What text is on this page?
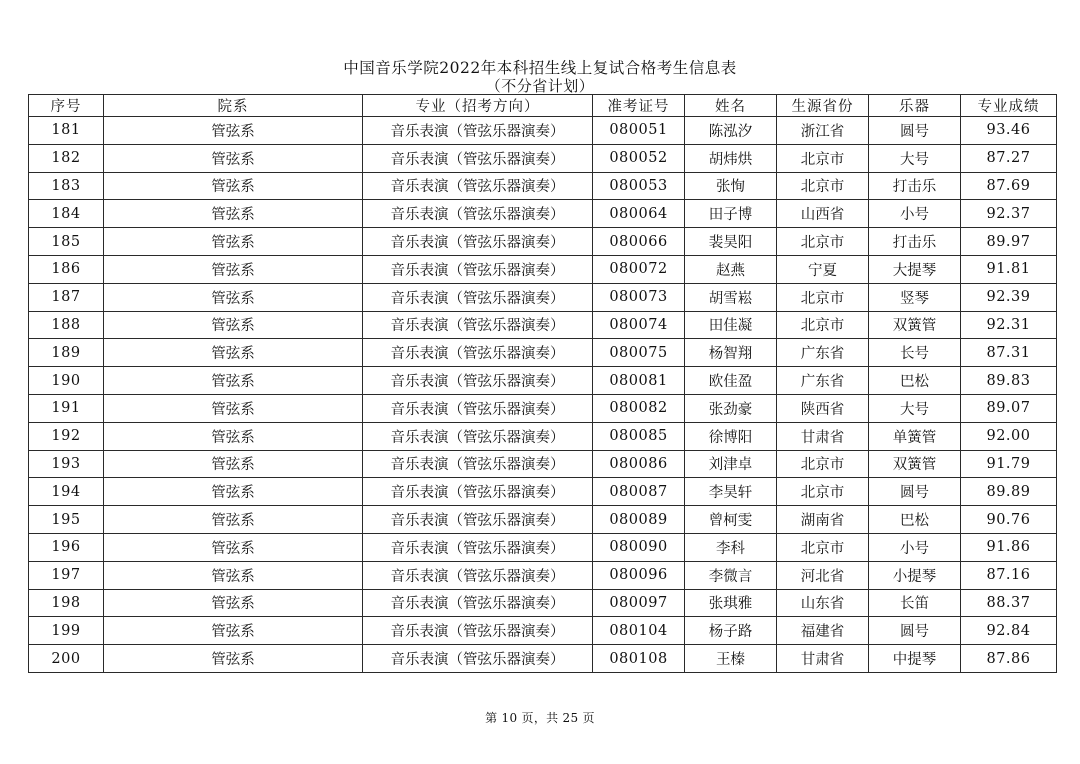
中国音乐学院2022年本科招生线上复试合格考生信息表
（不分省计划）
序号	院系	专业（招考方向）	准考证号	姓名	生源省份	乐器	专业成绩
181	管弦系	音乐表演（管弦乐器演奏）	080051	陈泓汐	浙江省	圆号	93.46
182	管弦系	音乐表演（管弦乐器演奏）	080052	胡炜烘	北京市	大号	87.27
183	管弦系	音乐表演（管弦乐器演奏）	080053	张恂	北京市	打击乐	87.69
184	管弦系	音乐表演（管弦乐器演奏）	080064	田子博	山西省	小号	92.37
185	管弦系	音乐表演（管弦乐器演奏）	080066	裴昊阳	北京市	打击乐	89.97
186	管弦系	音乐表演（管弦乐器演奏）	080072	赵燕	宁夏	大提琴	91.81
187	管弦系	音乐表演（管弦乐器演奏）	080073	胡雪崧	北京市	竖琴	92.39
188	管弦系	音乐表演（管弦乐器演奏）	080074	田佳凝	北京市	双簧管	92.31
189	管弦系	音乐表演（管弦乐器演奏）	080075	杨智翔	广东省	长号	87.31
190	管弦系	音乐表演（管弦乐器演奏）	080081	欧佳盈	广东省	巴松	89.83
191	管弦系	音乐表演（管弦乐器演奏）	080082	张劲豪	陕西省	大号	89.07
192	管弦系	音乐表演（管弦乐器演奏）	080085	徐博阳	甘肃省	单簧管	92.00
193	管弦系	音乐表演（管弦乐器演奏）	080086	刘津卓	北京市	双簧管	91.79
194	管弦系	音乐表演（管弦乐器演奏）	080087	李昊轩	北京市	圆号	89.89
195	管弦系	音乐表演（管弦乐器演奏）	080089	曾柯雯	湖南省	巴松	90.76
196	管弦系	音乐表演（管弦乐器演奏）	080090	李科	北京市	小号	91.86
197	管弦系	音乐表演（管弦乐器演奏）	080096	李微言	河北省	小提琴	87.16
198	管弦系	音乐表演（管弦乐器演奏）	080097	张琪雅	山东省	长笛	88.37
199	管弦系	音乐表演（管弦乐器演奏）	080104	杨子路	福建省	圆号	92.84
200	管弦系	音乐表演（管弦乐器演奏）	080108	王榛	甘肃省	中提琴	87.86
第 10 页，共 25 页
